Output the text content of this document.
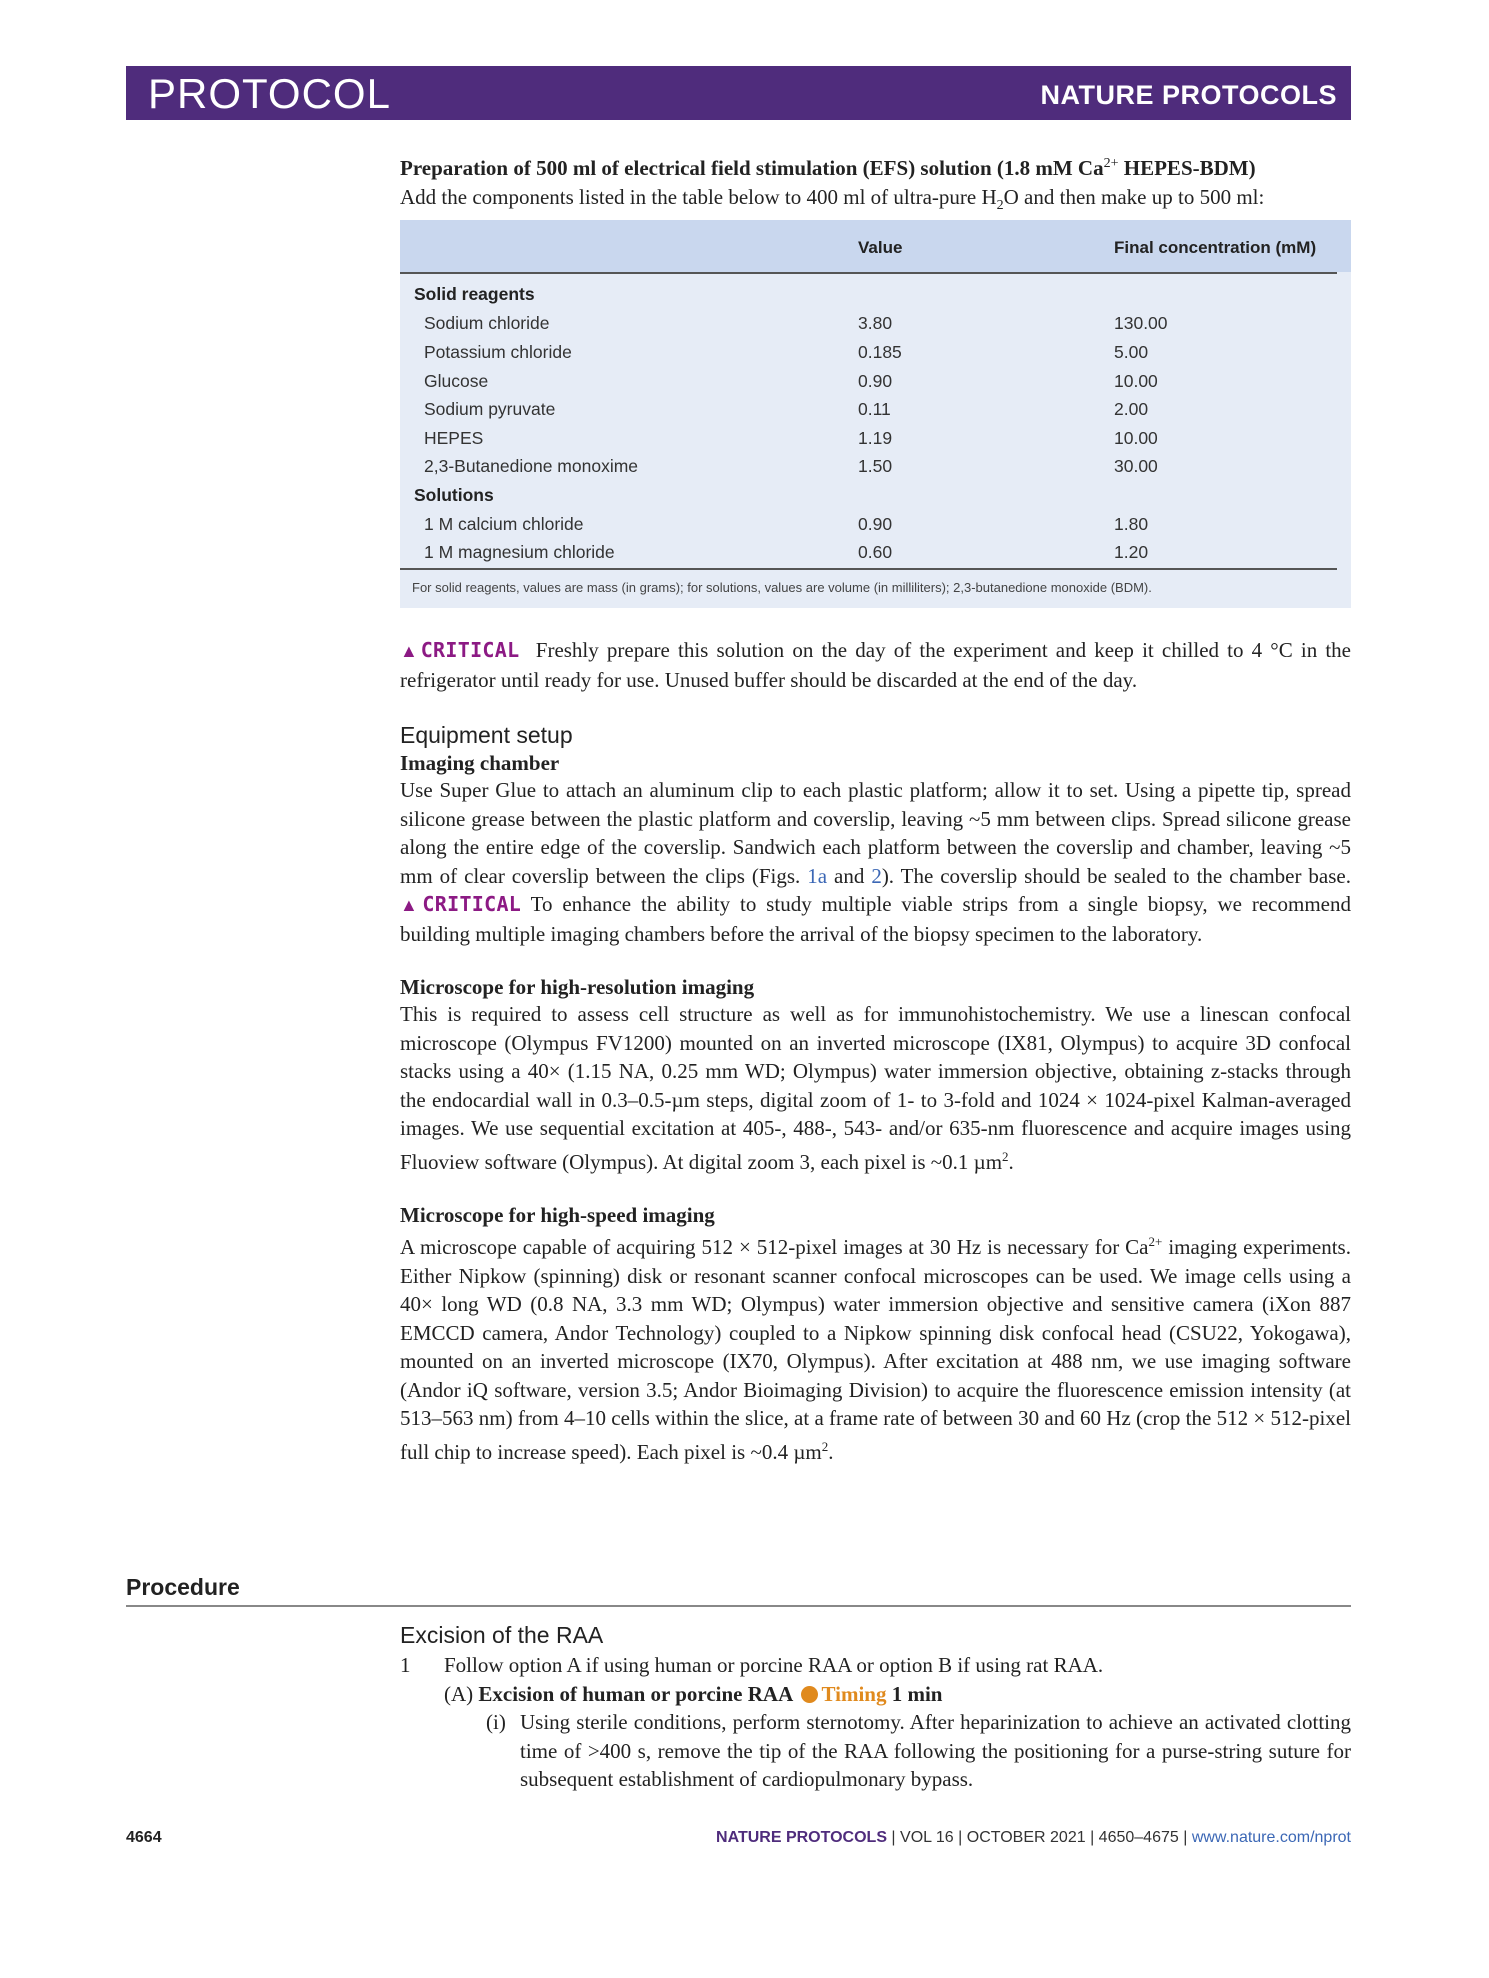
PROTOCOL	NATURE PROTOCOLS

Preparation of 500 ml of electrical field stimulation (EFS) solution (1.8 mM $Ca^{2+}$ HEPES-BDM)

Add the components listed in the table below to 400 ml of ultra-pure $H_2O$ and then make up to 500 ml:

Value	Final concentration (mM)
Solid reagents
Sodium chloride	3.80	130.00
Potassium chloride	0.185	5.00
Glucose	0.90	10.00
Sodium pyruvate	0.11	2.00
HEPES	1.19	10.00
2,3-Butanedione monoxime	1.50	30.00
Solutions
1 M calcium chloride	0.90	1.80
1 M magnesium chloride	0.60	1.20
For solid reagents, values are mass (in grams); for solutions, values are volume (in milliliters); 2,3-butanedione monoxide (BDM).

▲CRITICAL Freshly prepare this solution on the day of the experiment and keep it chilled to 4 °C in the refrigerator until ready for use. Unused buffer should be discarded at the end of the day.

Equipment setup
Imaging chamber

Use Super Glue to attach an aluminum clip to each plastic platform; allow it to set. Using a pipette tip, spread silicone grease between the plastic platform and coverslip, leaving ~5 mm between clips. Spread silicone grease along the entire edge of the coverslip. Sandwich each platform between the coverslip and chamber, leaving ~5 mm of clear coverslip between the clips (Figs. 1a and 2). The coverslip should be sealed to the chamber base. ▲CRITICAL To enhance the ability to study multiple viable strips from a single biopsy, we recommend building multiple imaging chambers before the arrival of the biopsy specimen to the laboratory.

Microscope for high-resolution imaging

This is required to assess cell structure as well as for immunohistochemistry. We use a linescan confocal microscope (Olympus FV1200) mounted on an inverted microscope (IX81, Olympus) to acquire 3D confocal stacks using a 40× (1.15 NA, 0.25 mm WD; Olympus) water immersion objective, obtaining z-stacks through the endocardial wall in 0.3–0.5-µm steps, digital zoom of 1- to 3-fold and 1024 × 1024-pixel Kalman-averaged images. We use sequential excitation at 405-, 488-, 543- and/or 635-nm fluorescence and acquire images using Fluoview software (Olympus). At digital zoom 3, each pixel is ~0.1 µm$^2$.

Microscope for high-speed imaging

A microscope capable of acquiring 512 × 512-pixel images at 30 Hz is necessary for $Ca^{2+}$ imaging experiments. Either Nipkow (spinning) disk or resonant scanner confocal microscopes can be used. We image cells using a 40× long WD (0.8 NA, 3.3 mm WD; Olympus) water immersion objective and sensitive camera (iXon 887 EMCCD camera, Andor Technology) coupled to a Nipkow spinning disk confocal head (CSU22, Yokogawa), mounted on an inverted microscope (IX70, Olympus). After excitation at 488 nm, we use imaging software (Andor iQ software, version 3.5; Andor Bioimaging Division) to acquire the fluorescence emission intensity (at 513–563 nm) from 4–10 cells within the slice, at a frame rate of between 30 and 60 Hz (crop the 512 × 512-pixel full chip to increase speed). Each pixel is ~0.4 µm$^2$.

Procedure
Excision of the RAA
1	Follow option A if using human or porcine RAA or option B if using rat RAA.
(A) Excision of human or porcine RAA Timing 1 min
(i) Using sterile conditions, perform sternotomy. After heparinization to achieve an activated clotting time of >400 s, remove the tip of the RAA following the positioning for a purse-string suture for subsequent establishment of cardiopulmonary bypass.
4664	NATURE PROTOCOLS | VOL 16 | OCTOBER 2021 | 4650–4675 | www.nature.com/nprot
